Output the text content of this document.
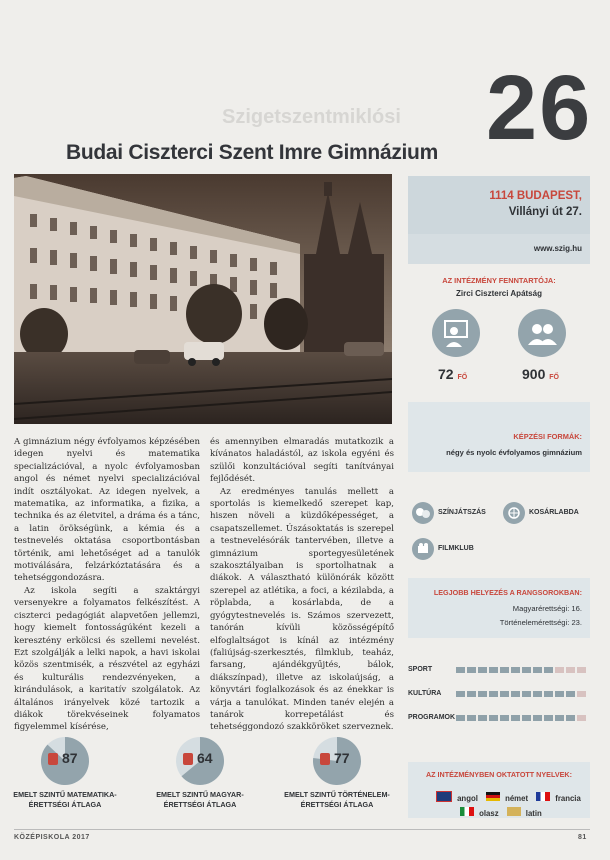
Szigetszentmiklósi 26
Budai Ciszterci Szent Imre Gimnázium

A gimnázium négy évfolyamos képzésében idegen nyelvi és matematika specializációval, a nyolc évfolyamosban angol és német nyelvi specializációval indít osztályokat. Az idegen nyelvek, a matematika, az informatika, a fizika, a technika és az életvitel, a dráma és a tánc, a latin örökségünk, a kémia és a testnevelés oktatása csoportbontásban történik, ami lehetőséget ad a tanulók motiválására, felzárkóztatására és a tehetséggondozásra.

Az iskola segíti a szaktárgyi versenyekre a folyamatos felkészítést. A ciszterci pedagógiát alapvetően jellemzi, hogy kiemelt fontosságúként kezeli a keresztény erkölcsi és szellemi nevelést. Ezt szolgálják a lelki napok, a havi iskolai közös szentmisék, a részvétel az egyházi és kulturális rendezvényeken, a kirándulások, a karitatív szolgálatok. Az általános irányelvek közé tartozik a diákok törekvéseinek folyamatos figyelemmel kísérése,

és amennyiben elmaradás mutatkozik a kívánatos haladástól, az iskola egyéni és szülői konzultációval segíti tanítványai fejlődését.

Az eredményes tanulás mellett a sportolás is kiemelkedő szerepet kap, hiszen növeli a küzdőképességet, a csapatszellemet. Úszásoktatás is szerepel a testnevelésórák tantervében, illetve a gimnázium sportegyesületének szakosztályaiban is sportolhatnak a diákok. A választható különórák között szerepel az atlétika, a foci, a kézilabda, a röplabda, a kosárlabda, de a gyógytestnevelés is. Számos szervezett, tanórán kívüli közösségépítő elfoglaltságot is kínál az intézmény (faliújság-szerkesztés, filmklub, teaház, farsang, ajándékgyűjtés, bálok, diákszínpad), illetve az iskolaújság, a könyvtári foglalkozások és az énekkar is várja a tanulókat. Minden tanév elején a tanárok korrepetálást és tehetséggondozó szakköröket szerveznek.

1114 BUDAPEST,
Villányi út 27.
www.szig.hu
AZ INTÉZMÉNY FENNTARTÓJA:
Zirci Ciszterci Apátság
72 FŐ	900 FŐ
KÉPZÉSI FORMÁK:
négy és nyolc évfolyamos gimnázium
SZÍNJÁTSZÁS	KOSÁRLABDA
FILMKLUB
LEGJOBB HELYEZÉS A RANGSOROKBAN:
Magyarérettségi: 16.
Történelemérettségi: 23.
SPORT
KULTÚRA
PROGRAMOK
AZ INTÉZMÉNYBEN OKTATOTT NYELVEK:
angol	német	francia
olasz	latin
87
EMELT SZINTŰ MATEMATIKA-
ÉRETTSÉGI ÁTLAGA
64
EMELT SZINTŰ MAGYAR-
ÉRETTSÉGI ÁTLAGA
77
EMELT SZINTŰ TÖRTÉNELEM-
ÉRETTSÉGI ÁTLAGA
KÖZÉPISKOLA 2017	81
